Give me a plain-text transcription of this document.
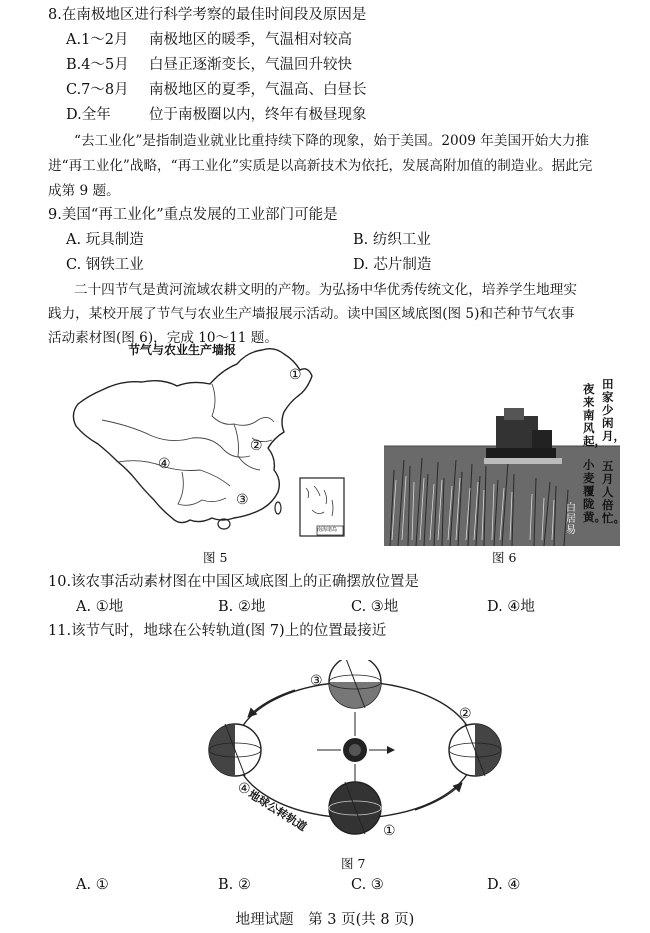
8.在南极地区进行科学考察的最佳时间段及原因是
A.1～2月 南极地区的暖季，气温相对较高
B.4～5月 白昼正逐渐变长，气温回升较快
C.7～8月 南极地区的夏季，气温高、白昼长
D.全年	位于南极圈以内，终年有极昼现象
“去工业化”是指制造业就业比重持续下降的现象，始于美国。2009 年美国开始大力推
进“再工业化”战略，“再工业化”实质是以高新技术为依托，发展高附加值的制造业。据此完
成第 9 题。
9.美国“再工业化”重点发展的工业部门可能是
A. 玩具制造	B. 纺织工业
C. 钢铁工业	D. 芯片制造
二十四节气是黄河流域农耕文明的产物。为弘扬中华优秀传统文化，培养学生地理实
践力，某校开展了节气与农业生产墙报展示活动。读中国区域底图(图 5)和芒种节气农事
活动素材图(图 6)，完成 10～11 题。
节气与农业生产墙报
①
②
③
④
南海诸岛
图 5
田家少闲月，
五月人倍忙。
夜来南风起，
小麦覆陇黄。
白居易
图 6
10.该农事活动素材图在中国区域底图上的正确摆放位置是
A. ①地	B. ②地	C. ③地	D. ④地
11.该节气时，地球在公转轨道(图 7)上的位置最接近
①
②
③
④
地球公转轨道
图 7
A. ①	B. ②	C. ③	D. ④
地理试题　第 3 页(共 8 页)
